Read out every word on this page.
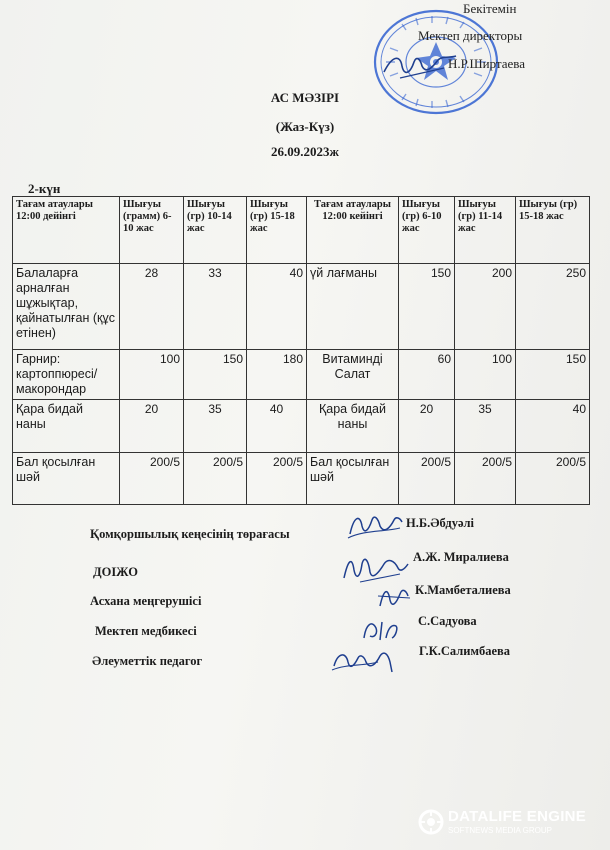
Бекітемін
Мектеп директоры
Н.Р.Ширтаева
АС МӘЗІРІ
(Жаз-Күз)
26.09.2023ж
2-күн
Тағам атаулары 12:00 дейінгі	Шығуы (грамм) 6-10 жас	Шығуы (гр) 10-14 жас	Шығуы (гр) 15-18 жас	Тағам атаулары 12:00 кейінгі	Шығуы (гр) 6-10 жас	Шығуы (гр) 11-14 жас	Шығуы (гр) 15-18 жас
Балаларға арналған шұжықтар, қайнатылған (құс етінен)	28	33	40	үй лағманы	150	200	250
Гарнир: картоппюресі/ макорондар	100	150	180	Витаминді Салат	60	100	150
Қара бидай наны	20	35	40	Қара бидай наны	20	35	40
Бал қосылған шәй	200/5	200/5	200/5	Бал қосылған шәй	200/5	200/5	200/5
Қомқоршылық кеңесінің төрағасы
Н.Б.Әбдуәлі
ДОІЖО
А.Ж. Миралиева
Асхана меңгерушісі
К.Мамбеталиева
Мектеп медбикесі
С.Садуова
Әлеуметтік педагог
Г.К.Салимбаева
DATALIFE ENGINE
SOFTNEWS MEDIA GROUP
